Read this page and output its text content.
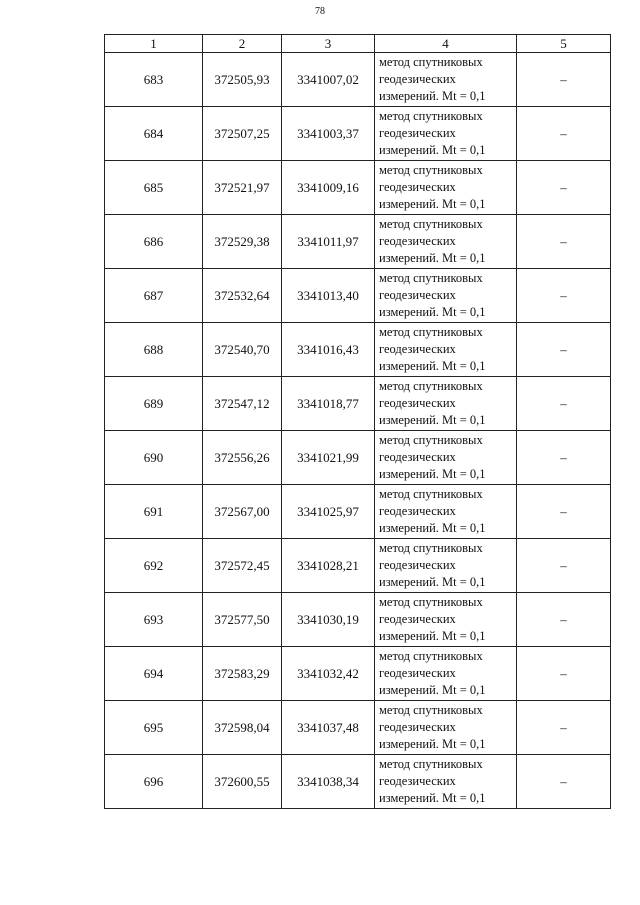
78
1	2	3	4	5
683	372505,93	3341007,02	метод спутниковых
геодезических
измерений. Mt = 0,1	–
684	372507,25	3341003,37	метод спутниковых
геодезических
измерений. Mt = 0,1	–
685	372521,97	3341009,16	метод спутниковых
геодезических
измерений. Mt = 0,1	–
686	372529,38	3341011,97	метод спутниковых
геодезических
измерений. Mt = 0,1	–
687	372532,64	3341013,40	метод спутниковых
геодезических
измерений. Mt = 0,1	–
688	372540,70	3341016,43	метод спутниковых
геодезических
измерений. Mt = 0,1	–
689	372547,12	3341018,77	метод спутниковых
геодезических
измерений. Mt = 0,1	–
690	372556,26	3341021,99	метод спутниковых
геодезических
измерений. Mt = 0,1	–
691	372567,00	3341025,97	метод спутниковых
геодезических
измерений. Mt = 0,1	–
692	372572,45	3341028,21	метод спутниковых
геодезических
измерений. Mt = 0,1	–
693	372577,50	3341030,19	метод спутниковых
геодезических
измерений. Mt = 0,1	–
694	372583,29	3341032,42	метод спутниковых
геодезических
измерений. Mt = 0,1	–
695	372598,04	3341037,48	метод спутниковых
геодезических
измерений. Mt = 0,1	–
696	372600,55	3341038,34	метод спутниковых
геодезических
измерений. Mt = 0,1	–
